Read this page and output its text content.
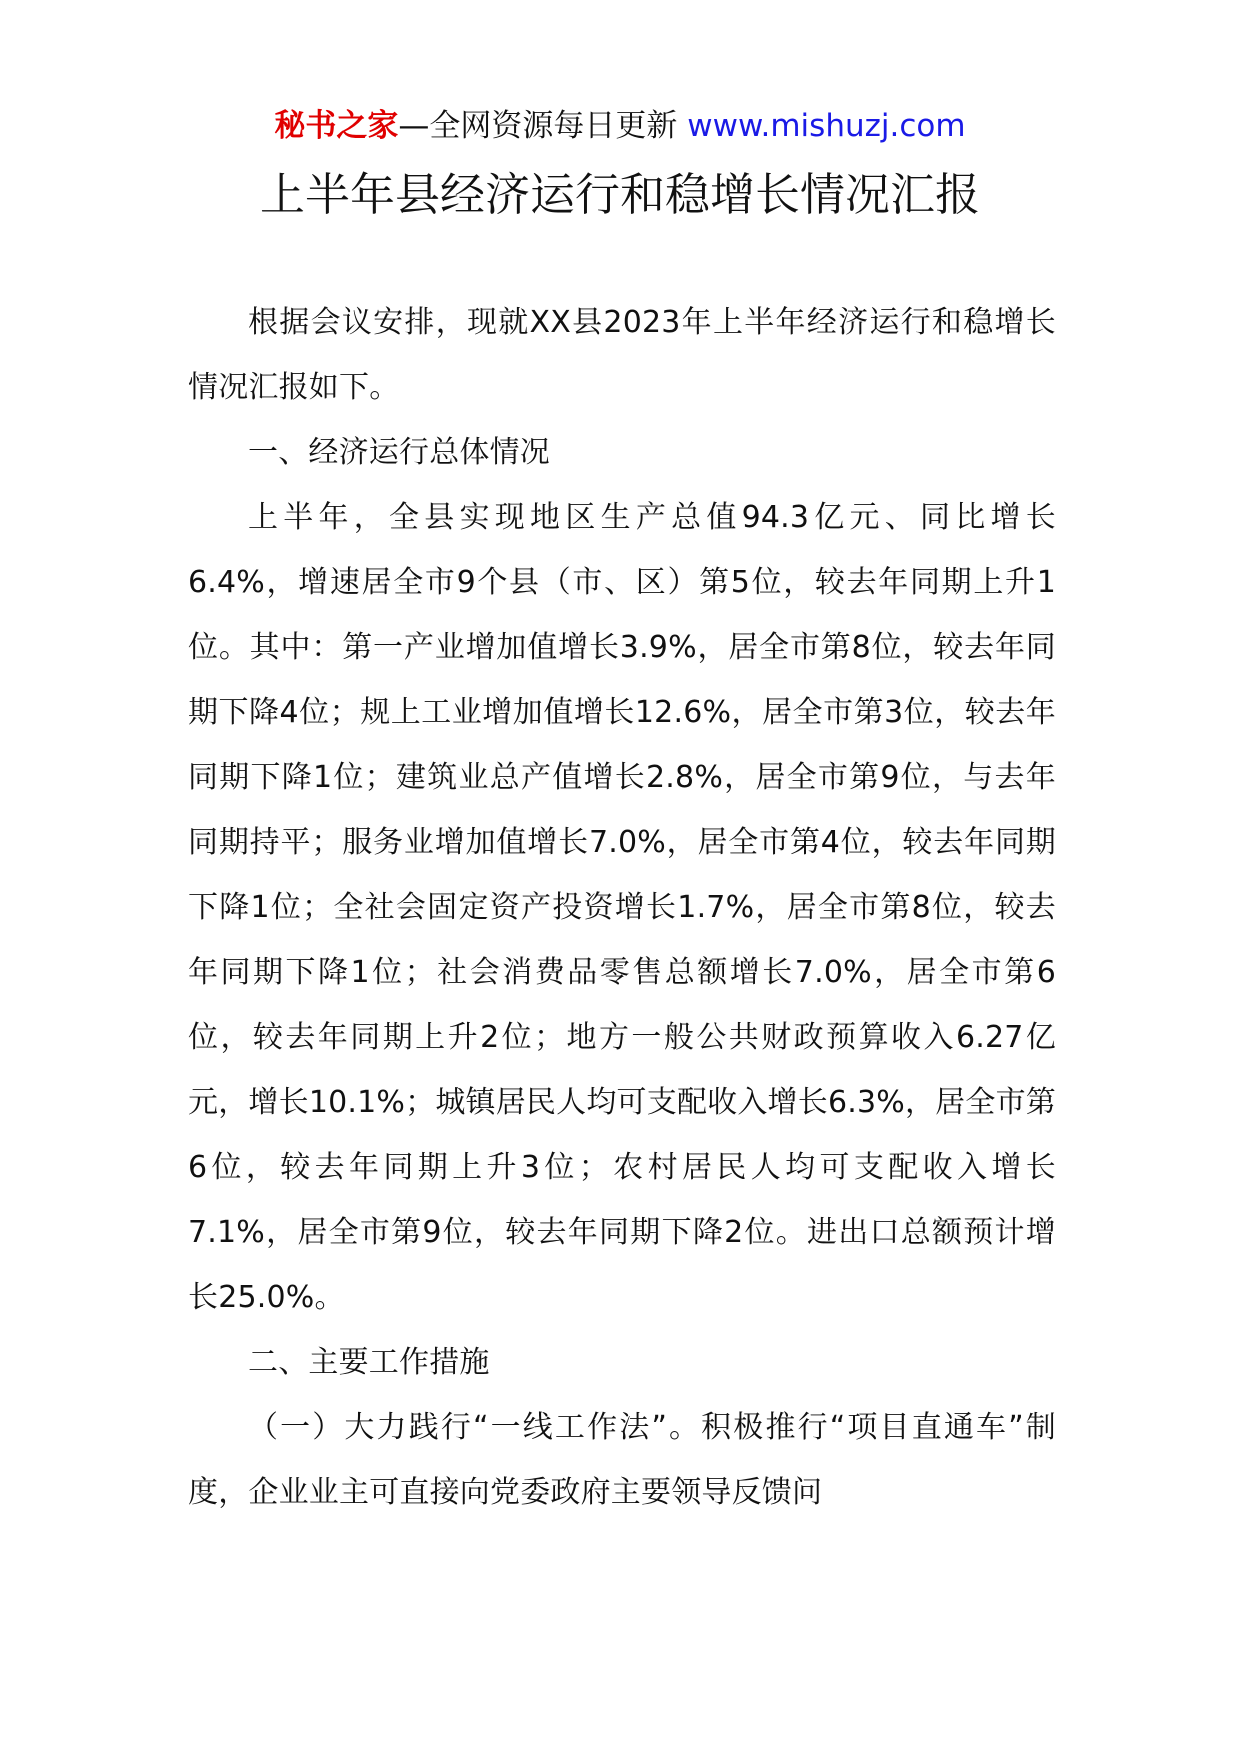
秘书之家—全网资源每日更新 www.mishuzj.com
上半年县经济运行和稳增长情况汇报

根据会议安排，现就XX县2023年上半年经济运行和稳增长情况汇报如下。

一、经济运行总体情况

上半年，全县实现地区生产总值94.3亿元、同比增长6.4%，增速居全市9个县（市、区）第5位，较去年同期上升1位。其中：第一产业增加值增长3.9%，居全市第8位，较去年同期下降4位；规上工业增加值增长12.6%，居全市第3位，较去年同期下降1位；建筑业总产值增长2.8%，居全市第9位，与去年同期持平；服务业增加值增长7.0%，居全市第4位，较去年同期下降1位；全社会固定资产投资增长1.7%，居全市第8位，较去年同期下降1位；社会消费品零售总额增长7.0%，居全市第6位，较去年同期上升2位；地方一般公共财政预算收入6.27亿元，增长10.1%；城镇居民人均可支配收入增长6.3%，居全市第6位，较去年同期上升3位；农村居民人均可支配收入增长7.1%，居全市第9位，较去年同期下降2位。进出口总额预计增长25.0%。

二、主要工作措施

（一）大力践行“一线工作法”。积极推行“项目直通车”制度，企业业主可直接向党委政府主要领导反馈问
